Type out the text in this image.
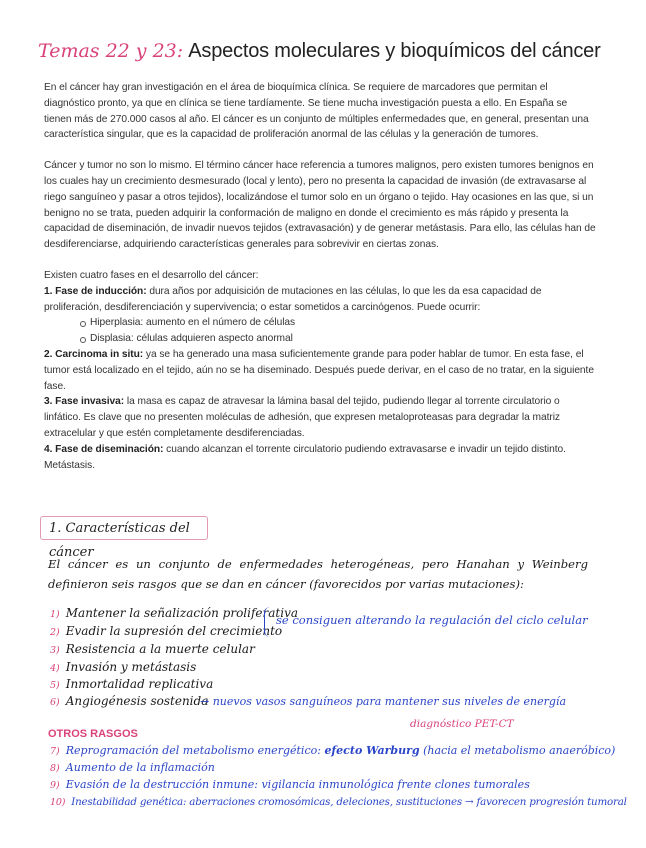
Temas 22 y 23: Aspectos moleculares y bioquímicos del cáncer

En el cáncer hay gran investigación en el área de bioquímica clínica. Se requiere de marcadores que permitan el diagnóstico pronto, ya que en clínica se tiene tardíamente. Se tiene mucha investigación puesta a ello. En España se tienen más de 270.000 casos al año. El cáncer es un conjunto de múltiples enfermedades que, en general, presentan una característica singular, que es la capacidad de proliferación anormal de las células y la generación de tumores.

Cáncer y tumor no son lo mismo. El término cáncer hace referencia a tumores malignos, pero existen tumores benignos en los cuales hay un crecimiento desmesurado (local y lento), pero no presenta la capacidad de invasión (de extravasarse al riego sanguíneo y pasar a otros tejidos), localizándose el tumor solo en un órgano o tejido. Hay ocasiones en las que, si un benigno no se trata, pueden adquirir la conformación de maligno en donde el crecimiento es más rápido y presenta la capacidad de diseminación, de invadir nuevos tejidos (extravasación) y de generar metástasis. Para ello, las células han de desdiferenciarse, adquiriendo características generales para sobrevivir en ciertas zonas.

Existen cuatro fases en el desarrollo del cáncer:

1. Fase de inducción: dura años por adquisición de mutaciones en las células, lo que les da esa capacidad de proliferación, desdiferenciación y supervivencia; o estar sometidos a carcinógenos. Puede ocurrir:

Hiperplasia: aumento en el número de células
Displasia: células adquieren aspecto anormal

2. Carcinoma in situ: ya se ha generado una masa suficientemente grande para poder hablar de tumor. En esta fase, el tumor está localizado en el tejido, aún no se ha diseminado. Después puede derivar, en el caso de no tratar, en la siguiente fase.

3. Fase invasiva: la masa es capaz de atravesar la lámina basal del tejido, pudiendo llegar al torrente circulatorio o linfático. Es clave que no presenten moléculas de adhesión, que expresen metaloproteasas para degradar la matriz extracelular y que estén completamente desdiferenciadas.

4. Fase de diseminación: cuando alcanzan el torrente circulatorio pudiendo extravasarse e invadir un tejido distinto. Metástasis.

1. Características del cáncer
El cáncer es un conjunto de enfermedades heterogéneas, pero Hanahan y Weinberg definieron seis rasgos que se dan en cáncer (favorecidos por varias mutaciones):
1) Mantener la señalización proliferativa
2) Evadir la supresión del crecimiento
3) Resistencia a la muerte celular
4) Invasión y metástasis
5) Inmortalidad replicativa
6) Angiogénesis sostenida
se consiguen alterando la regulación del ciclo celular
→ nuevos vasos sanguíneos para mantener sus niveles de energía
OTROS RASGOS
diagnóstico PET-CT
7) Reprogramación del metabolismo energético: efecto Warburg (hacia el metabolismo anaeróbico)
8) Aumento de la inflamación
9) Evasión de la destrucción inmune: vigilancia inmunológica frente clones tumorales
10) Inestabilidad genética: aberraciones cromosómicas, deleciones, sustituciones → favorecen progresión tumoral
